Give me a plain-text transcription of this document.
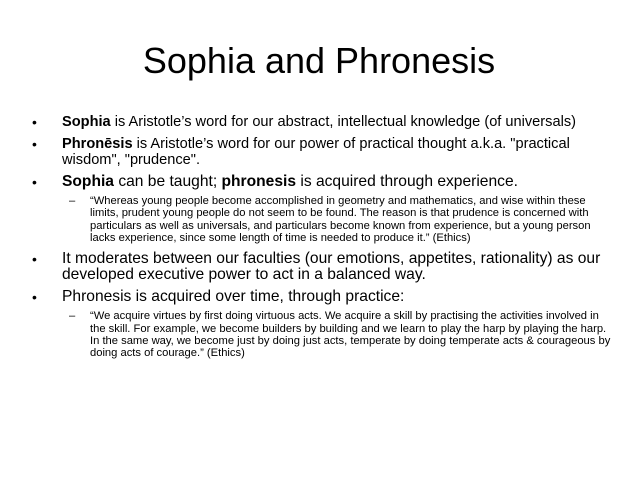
Sophia and Phronesis
• Sophia is Aristotle’s word for our abstract, intellectual knowledge (of universals)
• Phronēsis is Aristotle’s word for our power of practical thought a.k.a. "practical wisdom", "prudence".
• Sophia can be taught; phronesis is acquired through experience.
– “Whereas young people become accomplished in geometry and mathematics, and wise within these limits, prudent young people do not seem to be found. The reason is that prudence is concerned with particulars as well as universals, and particulars become known from experience, but a young person lacks experience, since some length of time is needed to produce it.” (Ethics)
• It moderates between our faculties (our emotions, appetites, rationality) as our developed executive power to act in a balanced way.
• Phronesis is acquired over time, through practice:
– “We acquire virtues by first doing virtuous acts. We acquire a skill by practising the activities involved in the skill. For example, we become builders by building and we learn to play the harp by playing the harp. In the same way, we become just by doing just acts, temperate by doing temperate acts & courageous by doing acts of courage.” (Ethics)
